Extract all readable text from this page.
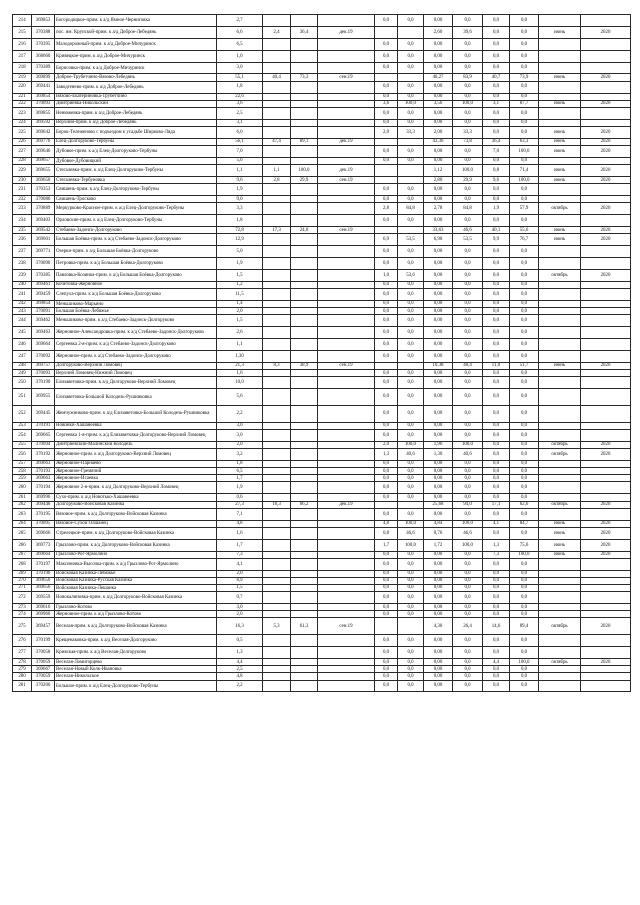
214	369853	Богородицкое-прим. к а/д Ямное-Черниговка	2,7				0,0	0,0	0,00	0,0	0,0	0,0		
215	370388	пос. им. Крупской-прим. к а/д Доброе-Лебедянь	6,6	2,4	36,4	дек.19			2,60	39,6	0,0	0,0	июнь	2020
216	370395	Малодорожный-прим. к а/д Доброе-Мичуринск	6,5				0,0	0,0	0,00	0,0	0,0	0,0		
217	368660	Кривецкое-прим. к а/д Доброе-Мичуринск	1,0				0,0	0,0	0,00	0,0	0,0	0,0		
218	370389	Борисовка-прим. к а/д Доброе-Мичуринск	3,0				0,0	0,0	0,00	0,0	0,0	0,0		
219	369899	Доброе-Трубетчино-Вязово-Лебедянь	55,1	40,4	73,3	сен.19			46,27	83,9	40,7	73,9	июнь	2020
220	369441	Заводгенево-прим. к а/д Доброе-Лебедянь	1,8				0,0	0,0	0,00	0,0	0,0	0,0		
221	369854	Вязово-Екатериновка-Трубетчино	22,6				0,0	0,0	0,00	0,0	0,0	0,0		
222	370093	Дмитриевка-Никольский	3,6				3,6	100,0	3,56	100,0	3,1	87,7	июнь	2020
223	369855	Ненюжевка-прим. к а/д Доброе-Лебедянь	2,5				0,0	0,0	0,00	0,0	0,0	0,0		
224	369592	Верхний-прим. к а/д Доброе-Лебедянь	3,1				0,0	0,0	0,00	0,0	0,0	0,0		
225	369642	Борок-Тележеново с подъездом к усадьбе Ширково-Ляда	6,0				2,0	33,3	2,00	33,3	0,0	0,0	июнь	2020
226	369776	Елец-Долгоруково-Тербуны	56,1	47,4	89,1	дек.19			43,36	73,8	36,4	63,3	июнь	2020
227	369646	Дубовое-прим. к а/д Елец-Долгоруково-Тербуны	7,0				0,0	0,0	0,00	0,0	7,0	100,0	июнь	2020
228	369657	Дубовое-Дубовицкий	5,6				0,0	0,0	0,00	0,0	0,0	0,0		
229	369655	Стегалевка-прим. к а/д Елец-Долгоруково-Тербуны	1,1	1,1	100,0	дек.19			1,12	100,0	0,8	71,4	июнь	2020
230	369650	Стегалевка-Тербуновка	9,6	2,8	29,9	сен.19			2,80	29,9	9,6	100,0	июнь	2020
231	370353	Свишень-прим. к а/д Елец-Долгоруково-Тербуны	1,9				0,0	0,0	0,00	0,0	0,0	0,0		
232	370086	Свишень-Тросково	9,0				0,0	0,0	0,00	0,0	0,0	0,0		
233	370889	Меркурково-Красное-прим. к а/д Елец-Долгоруково-Тербуны	3,3				2,8	84,8	2,78	84,8	1,9	57,9	октябрь	2020
234	369403	Орловские-прим. к а/д Елец-Долгоруково-Тербуны	1,8				0,0	0,0	0,00	0,0	0,0	0,0		
235	369542	Стебаево-Задонск-Долгоруково	72,8	17,3	24,0	сен.19			33,63	46,6	40,1	55,6	июнь	2020
236	369601	Большая Боёвка-прим. к а/д Стебаево-Задонск-Долгоруково	12,9				6,9	53,5	6,90	53,5	9,9	76,7	июнь	2020
237	369771	Озерки-прим. к а/д Большая Боёвка-Долгоруково	5,0				0,0	0,0	0,00	0,0	0,0	0,0		
238	370090	Петровка-прим. к а/д Большая Боёвка-Долгоруково	1,9				0,0	0,0	0,00	0,0	0,0	0,0		
239	370385	Павловка-Козинка-прим. к а/д Большая Боёвка-Долгоруково	1,5				1,0	53,6	0,00	0,0	0,0	0,0	октябрь	2020
240	369461	Кочетовка-Жерновное	1,2				0,0	0,0	0,00	0,0	0,0	0,0		
241	369459	Слепуха-прим. к а/д Большая Боёвка-Долгоруково	11,5				0,0	0,0	0,00	0,0	0,0	0,0		
242	369854	Меньшиково-Марьино	1,4				0,0	0,0	0,00	0,0	0,0	0,0		
243	370091	Большая Боёвка-Лебяжье	2,0				0,0	0,0	0,00	0,0	0,0	0,0		
244	369462	Меньшиково-прим. к а/д Стебаево-Задонск-Долгоруково	1,5				0,0	0,0	0,00	0,0	0,0	0,0		
245	369463	Жерновное-Александровка-прим. к а/д Стебаево-Задонск-Долгоруково	2,6				0,0	0,0	0,00	0,0	0,0	0,0		
246	369664	Сергеевка 2-я-прим. к а/д Стебаево-Задонск-Долгоруково	1,1				0,0	0,0	0,00	0,0	0,0	0,0		
247	370092	Жерновное-прим. к а/д Стебаево-Задонск-Долгоруково	1,30				0,0	0,0	0,00	0,0	0,0	0,0		
248	369757	Долгоруково-Верхний Ломовец	21,3	8,3	38,9	сен.19			10,38	48,4	11,0	51,7	июнь	2020
249	370093	Верхний Ломовец-Нижний Ломовец	1,6				0,0	0,0	0,00	0,0	0,0	0,0		
250	370190	Елизаветовка-прим. к а/д Долгоруково-Верхний Ломовец	10,0				0,0	0,0	0,00	0,0	0,0	0,0		
251	369955	Елизаветовка-Большой Колодезь-Рушниковка	5,6				0,0	0,0	0,00	0,0	0,0	0,0		
252	369445	Жемчужниково-прим. к а/д Елизаветовка-Большой Колодезь-Рушниковка	2,2				0,0	0,0	0,00	0,0	0,0	0,0		
253	370191	Новинки-Хашанеевка	3,0				0,0	0,0	0,00	0,0	0,0	0,0		
254	369665	Сергеевка 1-я-прим. к а/д Елизаветовка-Долгоруково-Верхний Ломовец	3,0				0,0	0,0	0,00	0,0	0,0	0,0		
255	370094	Дмитриевский-Малинский Колодезь	2,0				2,0	100,0	1,96	100,0	0,0	0,0	октябрь	2020
256	370192	Жерновное-прим. к а/д Долгоруково-Верхний Ломовец	3,2				1,3	40,6	1,30	40,6	0,0	0,0	октябрь	2020
257	369663	Жерновное-Парнаево	1,8				0,0	0,0	0,00	0,0	0,0	0,0		
258	370193	Жерновное-Гремячий	6,5				0,0	0,0	0,00	0,0	0,0	0,0		
259	369663	Жерновное-Исаевка	1,7				0,0	0,0	0,00	0,0	0,0	0,0		
260	370194	Жерновное 2-я-прим. к а/д Долгоруково-Верхний Ломовец	1,9				0,0	0,0	0,00	0,0	0,0	0,0		
261	369996	Сухо-прим. к а/д Новотько-Хашанеевка	0,6				0,0	0,0	0,00	0,0	0,0	0,0		
262	369446	Долгоруково-Войсковая Казинка	27,3	18,3	66,2	дек.19			25,68	94,0	17,1	62,6	октябрь	2020
263	370195	Вязовое-прим. к а/д Долгоруково-Войсковая Казинка	7,1				0,0	0,0	0,00	0,0	0,0	0,0		
264	370095	Вязовое-Сухой Олшанец	4,8				4,8	100,0	4,84	100,0	4,1	84,7	июнь	2020
265	369666	Стрелецкое-прим. к а/д Долгоруково-Войсковая Казинка	1,6				0,8	46,6	0,76	46,6	0,0	0,0	июнь	2020
266	369773	Грызлово-прим. к а/д Долгоруково-Войсковая Казинка	1,7				1,7	100,0	1,72	100,0	1,3	75,6	июнь	2020
267	369664	Грызлово-Рог-Ярмолино	7,3				0,0	0,0	0,00	0,0	7,3	100,0	июнь	2020
268	370197	Максимовка-Высочка-прим. к а/д Грызлово-Рог-Ярмолино	4,1				0,0	0,0	0,00	0,0	0,0	0,0		
269	370196	Войсковая Казинка-Лебяжье	2,0				0,0	0,0	0,00	0,0	0,0	0,0		
270	369656	Войсковая Казинка-Русская Казинка	8,9				0,0	0,0	0,00	0,0	0,0	0,0		
271	369656	Войсковая Казинка-Лешанка	1,5				0,0	0,0	0,00	0,0	0,0	0,0		
272	369559	Новокалиновка-прим. к а/д Долгоруково-Войсковая Казинка	0,7				0,0	0,0	0,00	0,0	0,0	0,0		
273	369616	Грызлово-Котово	3,0				0,0	0,0	0,00	0,0	0,0	0,0		
274	369960	Жерновное-прим. к а/д Грызлово-Котово	2,0				0,0	0,0	0,00	0,0	0,0	0,0		
275	369457	Веселая-прим. к а/д Долгоруково-Войсковая Казинка	16,3	5,3	61,3	сен.19			4,30	26,4	14,6	89,4	октябрь	2020
276	370199	Крещенаковка-прим. к а/д Веселая-Долгоруково	0,5				0,0	0,0	0,00	0,0	0,0	0,0		
277	370058	Кривская-прим. к а/д Веселая-Долгоруково	1,3				0,0	0,0	0,00	0,0	0,0	0,0		
278	370059	Веселая-Ломигорцево	4,4				0,0	0,0	0,00	0,0	4,4	100,0	октябрь	2020
279	369667	Веселая-Новый Колк-Ивановка	2,5				0,0	0,0	0,00	0,0	0,0	0,0		
280	370059	Веселая-Никольское	4,8				0,0	0,0	0,00	0,0	0,0	0,0		
281	370206	Большое-прим. к а/д Елец-Долгоруково-Тербуны	2,2				0,0	0,0	0,00	0,0	0,0	0,0		
